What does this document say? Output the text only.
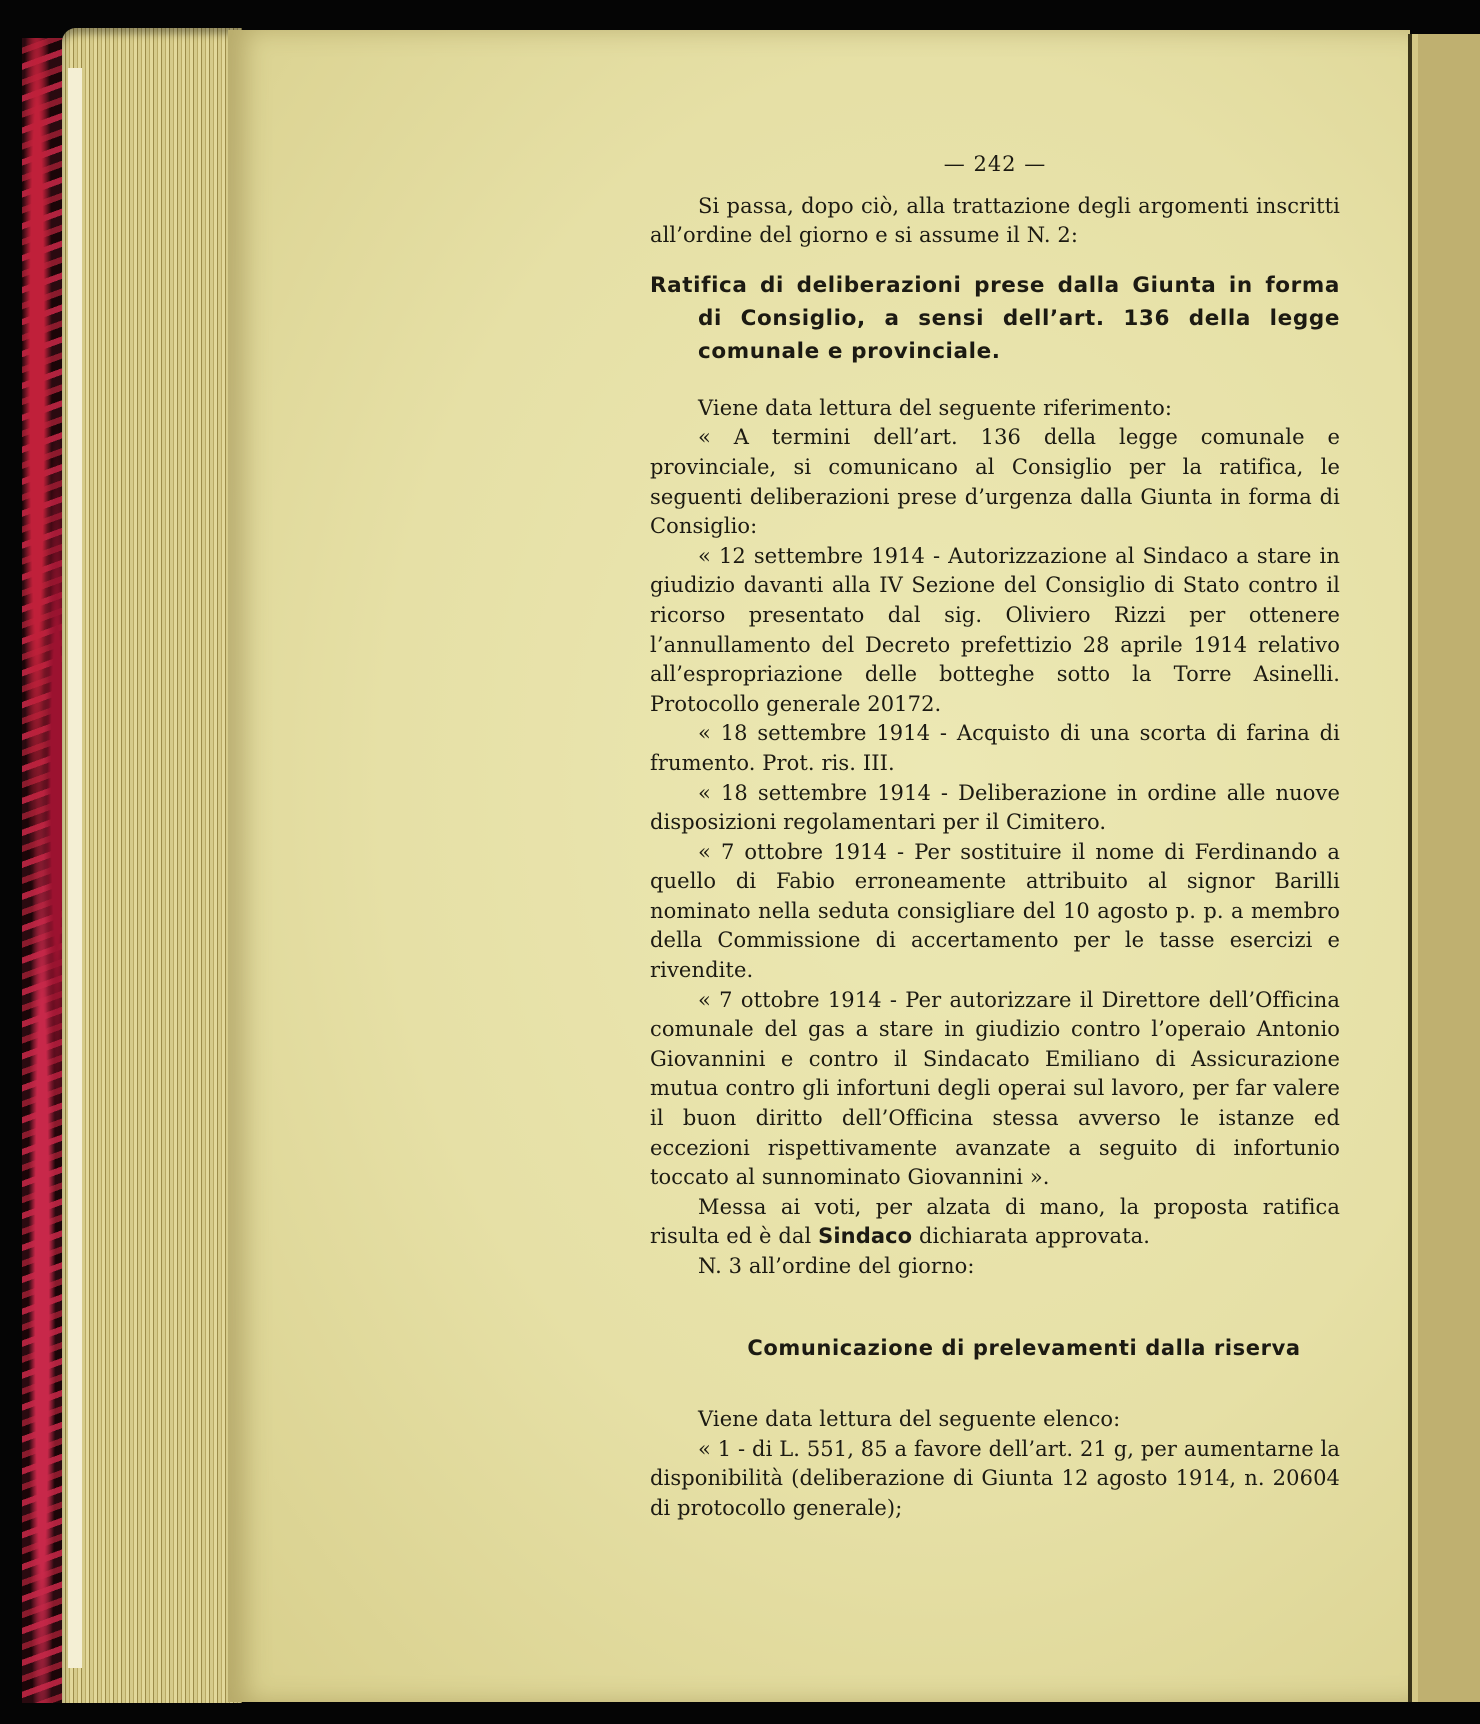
— 242 —

Si passa, dopo ciò, alla trattazione degli argomenti inscritti all’ordine del giorno e si assume il N. 2:

Ratifica di deliberazioni prese dalla Giunta in forma di Consiglio, a sensi dell’art. 136 della legge comunale e provinciale.

Viene data lettura del seguente riferimento:

« A termini dell’art. 136 della legge comunale e provinciale, si comunicano al Consiglio per la ratifica, le seguenti deliberazioni prese d’urgenza dalla Giunta in forma di Consiglio:

« 12 settembre 1914 - Autorizzazione al Sindaco a stare in giudizio davanti alla IV Sezione del Consiglio di Stato contro il ricorso presentato dal sig. Oliviero Rizzi per ottenere l’annullamento del Decreto prefettizio 28 aprile 1914 relativo all’espropriazione delle botteghe sotto la Torre Asinelli. Protocollo generale 20172.

« 18 settembre 1914 - Acquisto di una scorta di farina di frumento. Prot. ris. III.

« 18 settembre 1914 - Deliberazione in ordine alle nuove disposizioni regolamentari per il Cimitero.

« 7 ottobre 1914 - Per sostituire il nome di Ferdinando a quello di Fabio erroneamente attribuito al signor Barilli nominato nella seduta consigliare del 10 agosto p. p. a membro della Commissione di accertamento per le tasse esercizi e rivendite.

« 7 ottobre 1914 - Per autorizzare il Direttore dell’Officina comunale del gas a stare in giudizio contro l’operaio Antonio Giovannini e contro il Sindacato Emiliano di Assicurazione mutua contro gli infortuni degli operai sul lavoro, per far valere il buon diritto dell’Officina stessa avverso le istanze ed eccezioni rispettivamente avanzate a seguito di infortunio toccato al sunnominato Giovannini ».

Messa ai voti, per alzata di mano, la proposta ratifica risulta ed è dal Sindaco dichiarata approvata.

N. 3 all’ordine del giorno:

Comunicazione di prelevamenti dalla riserva

Viene data lettura del seguente elenco:

« 1 - di L. 551, 85 a favore dell’art. 21 g, per aumentarne la disponibilità (deliberazione di Giunta 12 agosto 1914, n. 20604 di protocollo generale);
